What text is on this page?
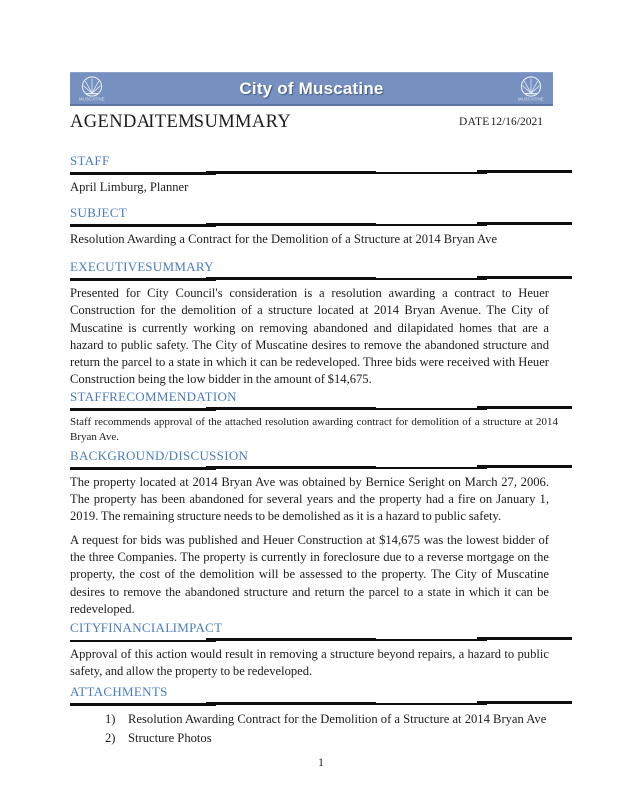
MUSCATINE
City of Muscatine
MUSCATINE
AGENDA ITEM SUMMARY	DATE12/16/2021
STAFF

April Limburg, Planner

SUBJECT

Resolution Awarding a Contract for the Demolition of a Structure at 2014 Bryan Ave

EXECUTIVE SUMMARY

Presented for City Council's consideration is a resolution awarding a contract to Heuer Construction for the demolition of a structure located at 2014 Bryan Avenue. The City of Muscatine is currently working on removing abandoned and dilapidated homes that are a hazard to public safety. The City of Muscatine desires to remove the abandoned structure and return the parcel to a state in which it can be redeveloped. Three bids were received with Heuer Construction being the low bidder in the amount of $14,675.

STAFF RECOMMENDATION

Staff recommends approval of the attached resolution awarding contract for demolition of a structure at 2014 Bryan Ave.

BACKGROUND/DISCUSSION

The property located at 2014 Bryan Ave was obtained by Bernice Seright on March 27, 2006. The property has been abandoned for several years and the property had a fire on January 1, 2019. The remaining structure needs to be demolished as it is a hazard to public safety.

A request for bids was published and Heuer Construction at $14,675 was the lowest bidder of the three Companies. The property is currently in foreclosure due to a reverse mortgage on the property, the cost of the demolition will be assessed to the property. The City of Muscatine desires to remove the abandoned structure and return the parcel to a state in which it can be redeveloped.

CITY FINANCIAL IMPACT

Approval of this action would result in removing a structure beyond repairs, a hazard to public safety, and allow the property to be redeveloped.

ATTACHMENTS
1) Resolution Awarding Contract for the Demolition of a Structure at 2014 Bryan Ave
2) Structure Photos
1
